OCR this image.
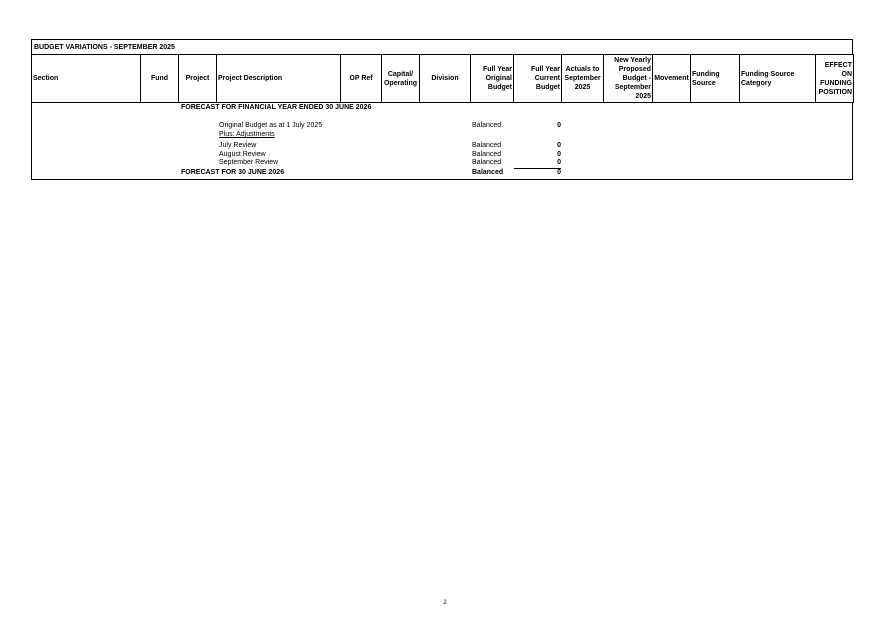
BUDGET VARIATIONS - SEPTEMBER 2025
Section	Fund	Project	Project Description	OP Ref	Capital/ Operating	Division	Full Year Original Budget	Full Year Current Budget	Actuals to September 2025	New Yearly Proposed Budget - September 2025	Movement	Funding Source	Funding Source Category	EFFECT ON FUNDING POSITION
FORECAST FOR FINANCIAL YEAR ENDED 30 JUNE 2026
Original Budget as at 1 July 2025	Balanced	0
Plus: Adjustments
July Review	Balanced	0
August Review	Balanced	0
September Review	Balanced	0
FORECAST FOR 30 JUNE 2026	Balanced	0
2
